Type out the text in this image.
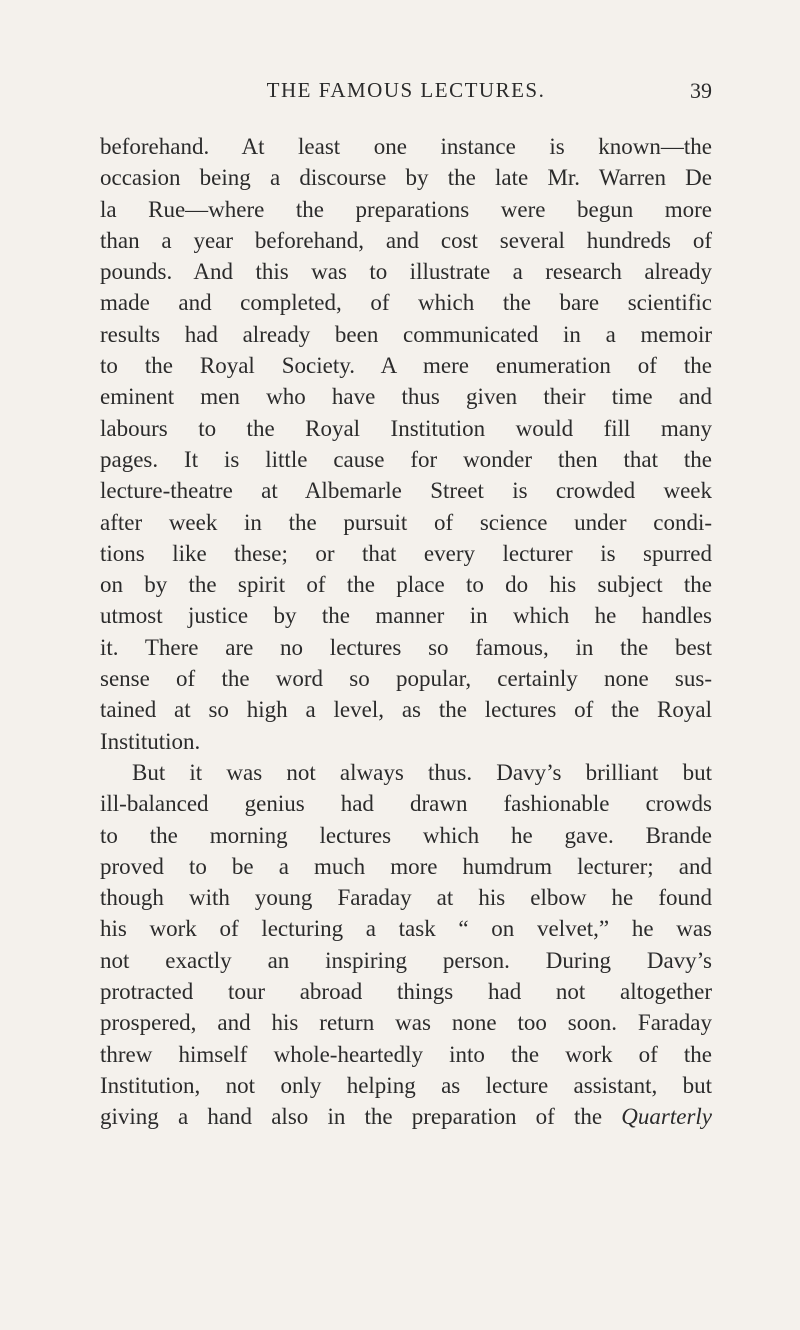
THE FAMOUS LECTURES.	39
beforehand. At least one instance is known—the
occasion being a discourse by the late Mr. Warren De
la Rue—where the preparations were begun more
than a year beforehand, and cost several hundreds of
pounds. And this was to illustrate a research already
made and completed, of which the bare scientific
results had already been communicated in a memoir
to the Royal Society. A mere enumeration of the
eminent men who have thus given their time and
labours to the Royal Institution would fill many
pages. It is little cause for wonder then that the
lecture-theatre at Albemarle Street is crowded week
after week in the pursuit of science under condi-
tions like these; or that every lecturer is spurred
on by the spirit of the place to do his subject the
utmost justice by the manner in which he handles
it. There are no lectures so famous, in the best
sense of the word so popular, certainly none sus-
tained at so high a level, as the lectures of the Royal
Institution.
But it was not always thus. Davy’s brilliant but
ill-balanced genius had drawn fashionable crowds
to the morning lectures which he gave. Brande
proved to be a much more humdrum lecturer; and
though with young Faraday at his elbow he found
his work of lecturing a task “ on velvet,” he was
not exactly an inspiring person. During Davy’s
protracted tour abroad things had not altogether
prospered, and his return was none too soon. Faraday
threw himself whole-heartedly into the work of the
Institution, not only helping as lecture assistant, but
giving a hand also in the preparation of the Quarterly
